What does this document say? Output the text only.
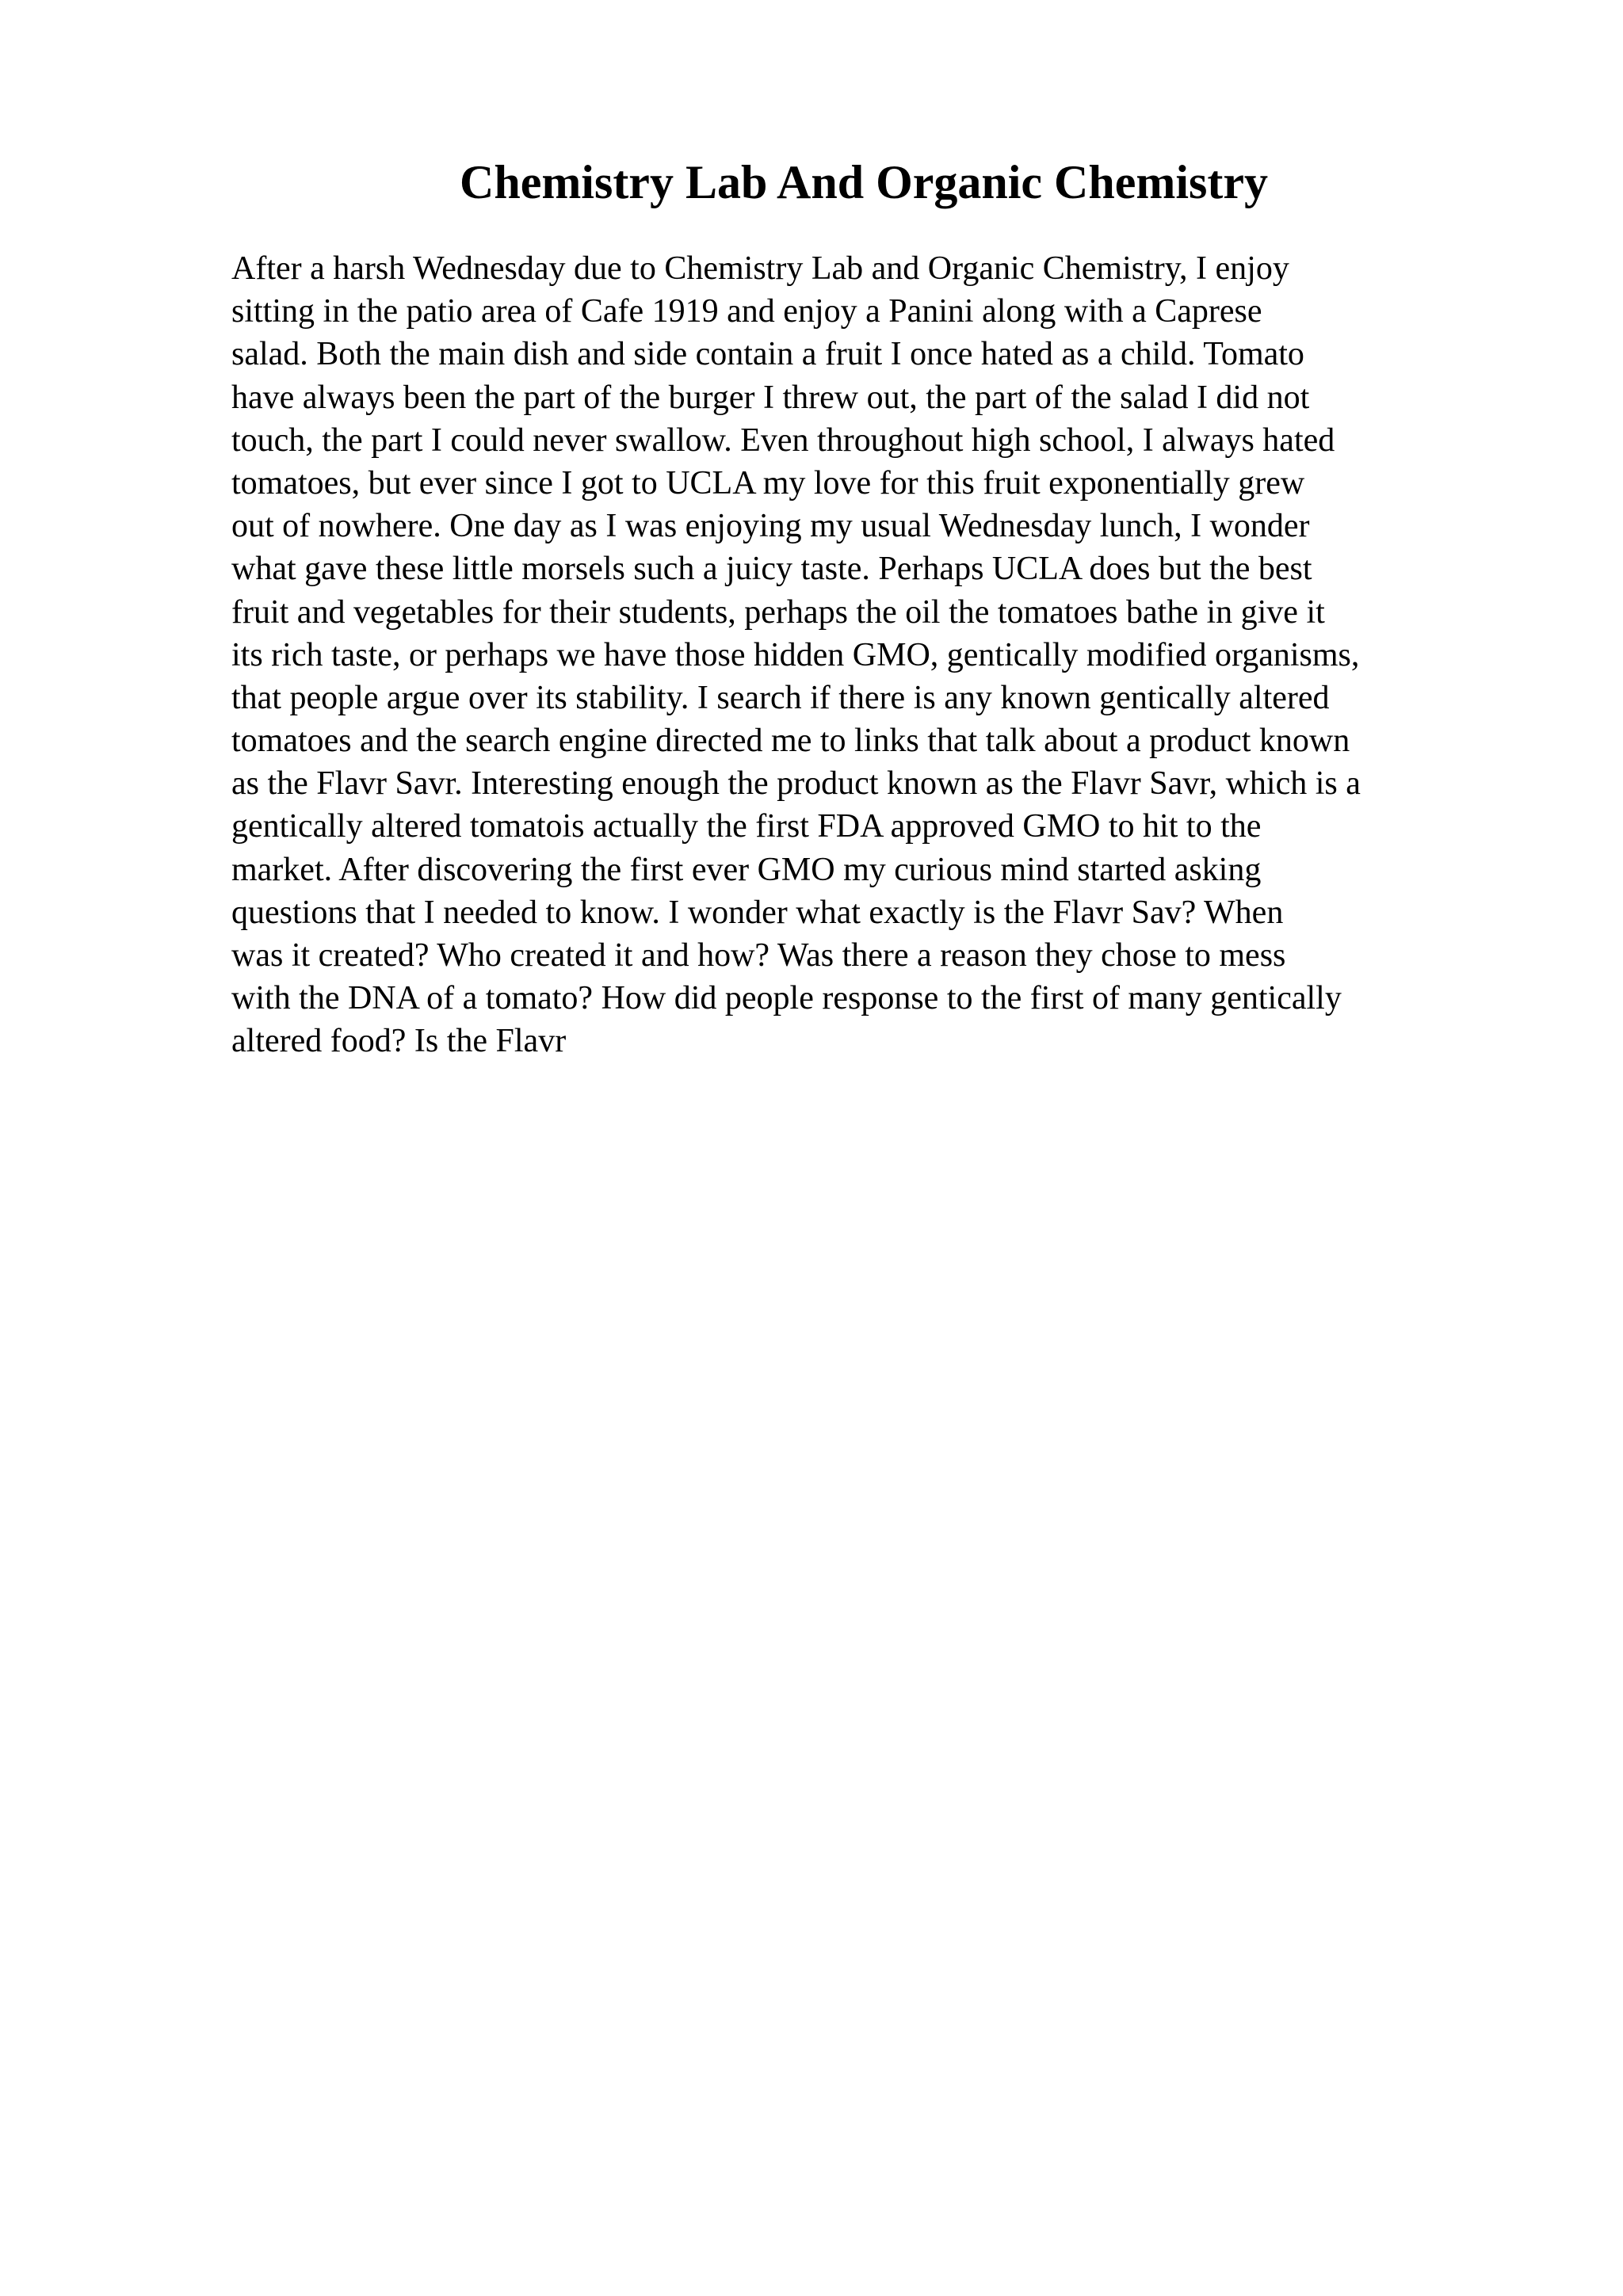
Chemistry Lab And Organic Chemistry
After a harsh Wednesday due to Chemistry Lab and Organic Chemistry, I enjoy
sitting in the patio area of Cafe 1919 and enjoy a Panini along with a Caprese
salad. Both the main dish and side contain a fruit I once hated as a child. Tomato
have always been the part of the burger I threw out, the part of the salad I did not
touch, the part I could never swallow. Even throughout high school, I always hated
tomatoes, but ever since I got to UCLA my love for this fruit exponentially grew
out of nowhere. One day as I was enjoying my usual Wednesday lunch, I wonder
what gave these little morsels such a juicy taste. Perhaps UCLA does but the best
fruit and vegetables for their students, perhaps the oil the tomatoes bathe in give it
its rich taste, or perhaps we have those hidden GMO, gentically modified organisms,
that people argue over its stability. I search if there is any known gentically altered
tomatoes and the search engine directed me to links that talk about a product known
as the Flavr Savr. Interesting enough the product known as the Flavr Savr, which is a
gentically altered tomatois actually the first FDA approved GMO to hit to the
market. After discovering the first ever GMO my curious mind started asking
questions that I needed to know. I wonder what exactly is the Flavr Sav? When
was it created? Who created it and how? Was there a reason they chose to mess
with the DNA of a tomato? How did people response to the first of many gentically
altered food? Is the Flavr
